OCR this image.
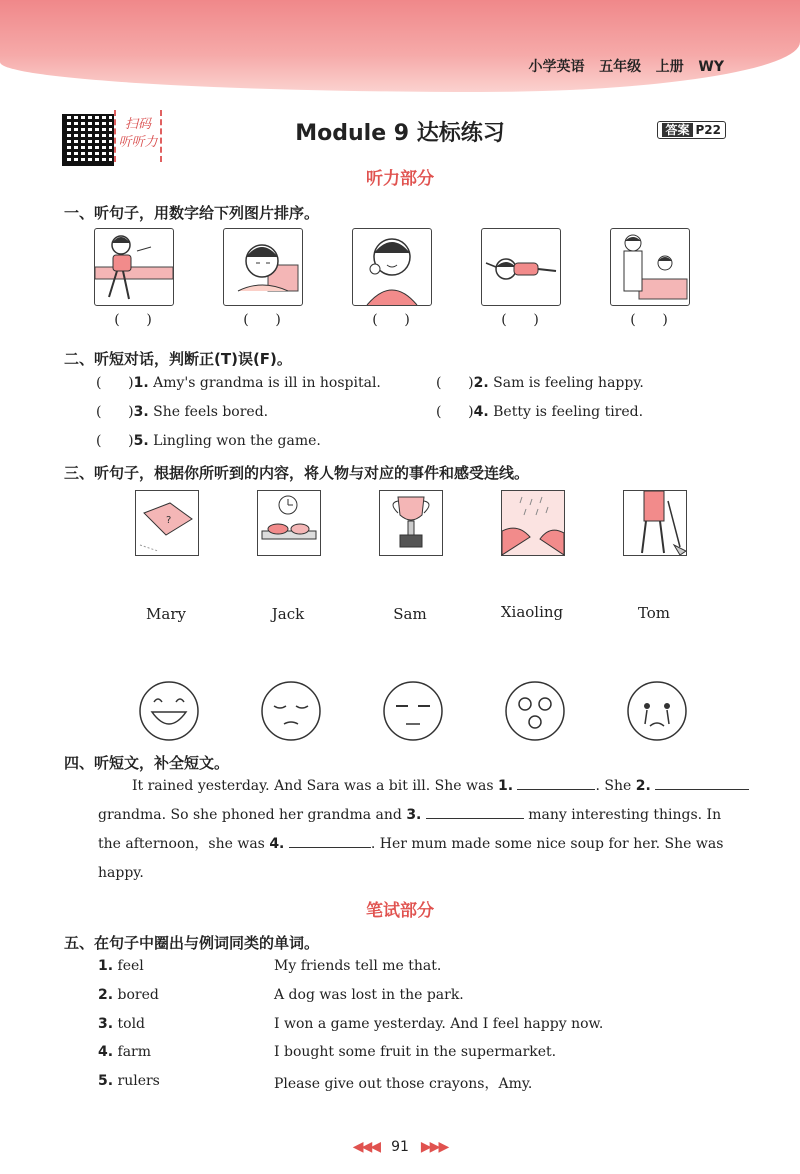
小学英语   五年级   上册   WY
扫码
听听力	Module 9 达标练习	答案 P22
听力部分
一、听句子，用数字给下列图片排序。
(      )	(      )	(      )	(      )	(      )
二、听短对话，判断正(T)误(F)。
(      )1. Amy's grandma is ill in hospital.	(      )2. Sam is feeling happy.
(      )3. She feels bored.	(      )4. Betty is feeling tired.
(      )5. Lingling won the game.
三、听句子，根据你所听到的内容，将人物与对应的事件和感受连线。
?
Mary	Jack	Sam	Xiaoling	Tom
四、听短文，补全短文。
It rained yesterday. And Sara was a bit ill. She was 1.	. She 2.
grandma. So she phoned her grandma and 3.	many interesting things. In
the afternoon，she was 4.	. Her mum made some nice soup for her. She was
happy.
笔试部分
五、在句子中圈出与例词同类的单词。
1. feel	My friends tell me that.
2. bored	A dog was lost in the park.
3. told	I won a game yesterday. And I feel happy now.
4. farm	I bought some fruit in the supermarket.
5. rulers	Please give out those crayons，Amy.
◀◀◀ 91 ▶▶▶
